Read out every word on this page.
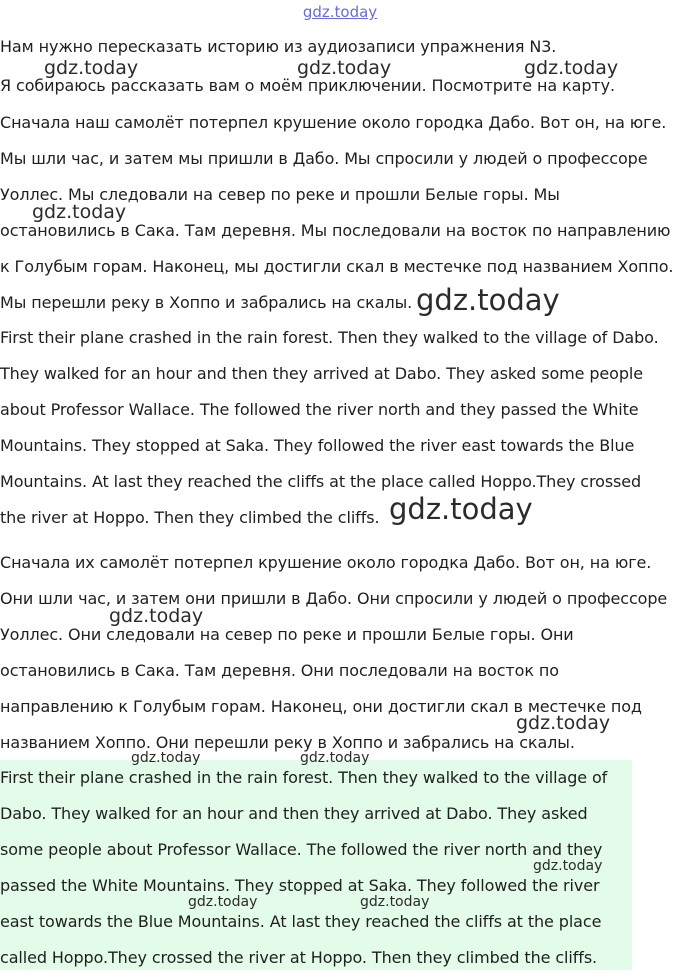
gdz.today
Нам нужно пересказать историю из аудиозаписи упражнения N3.
Я собираюсь рассказать вам о моём приключении. Посмотрите на карту.
Сначала наш самолёт потерпел крушение около городка Дабо. Вот он, на юге.
Мы шли час, и затем мы пришли в Дабо. Мы спросили у людей о профессоре
Уоллес. Мы следовали на север по реке и прошли Белые горы. Мы
остановились в Сака. Там деревня. Мы последовали на восток по направлению
к Голубым горам. Наконец, мы достигли скал в местечке под названием Хоппо.
Мы перешли реку в Хоппо и забрались на скалы.
First their plane crashed in the rain forest. Then they walked to the village of Dabo.
They walked for an hour and then they arrived at Dabo. They asked some people
about Professor Wallace. The followed the river north and they passed the White
Mountains. They stopped at Saka. They followed the river east towards the Blue
Mountains. At last they reached the cliffs at the place called Hoppo.They crossed
the river at Hoppo. Then they climbed the cliffs.
Сначала их самолёт потерпел крушение около городка Дабо. Вот он, на юге.
Они шли час, и затем они пришли в Дабо. Они спросили у людей о профессоре
Уоллес. Они следовали на север по реке и прошли Белые горы. Они
остановились в Сака. Там деревня. Они последовали на восток по
направлению к Голубым горам. Наконец, они достигли скал в местечке под
названием Хоппо. Они перешли реку в Хоппо и забрались на скалы.
First their plane crashed in the rain forest. Then they walked to the village of
Dabo. They walked for an hour and then they arrived at Dabo. They asked
some people about Professor Wallace. The followed the river north and they
passed the White Mountains. They stopped at Saka. They followed the river
east towards the Blue Mountains. At last they reached the cliffs at the place
called Hoppo.They crossed the river at Hoppo. Then they climbed the cliffs.
gdz.today	gdz.today	gdz.today
gdz.today
gdz.today
gdz.today
gdz.today
gdz.today
gdz.today	gdz.today
gdz.today
gdz.today	gdz.today
